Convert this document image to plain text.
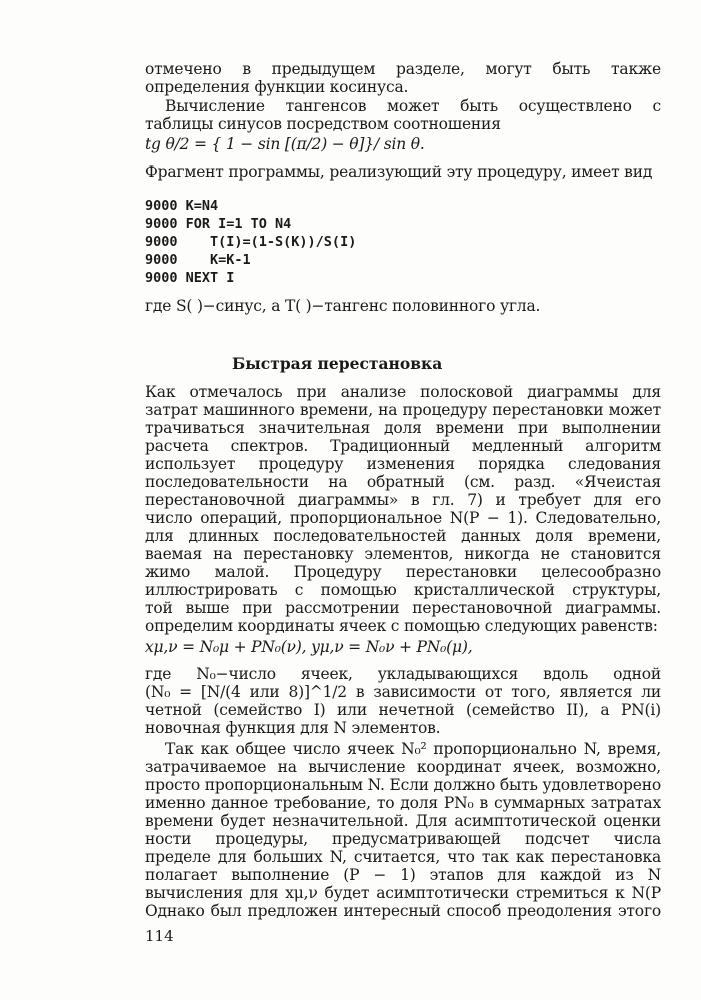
отмечено в предыдущем разделе, могут быть также
определения функции косинуса.
Вычисление тангенсов может быть осуществлено с
таблицы синусов посредством соотношения
tg θ/2 = { 1 − sin [(π/2) − θ]}/ sin θ.
Фрагмент программы, реализующий эту процедуру, имеет вид
9000 K=N4
9000 FOR I=1 TO N4
9000    T(I)=(1-S(K))/S(I)
9000    K=K-1
9000 NEXT I
где S( )−синус, а T( )−тангенс половинного угла.
Быстрая перестановка
Как отмечалось при анализе полосковой диаграммы для
затрат машинного времени, на процедуру перестановки может
трачиваться значительная доля времени при выполнении
расчета спектров. Традиционный медленный алгоритм
использует процедуру изменения порядка следования
последовательности на обратный (см. разд. «Ячеистая
перестановочной диаграммы» в гл. 7) и требует для его
число операций, пропорциональное N(P − 1). Следовательно,
для длинных последовательностей данных доля времени,
ваемая на перестановку элементов, никогда не становится
жимо малой. Процедуру перестановки целесообразно
иллюстрировать с помощью кристаллической структуры,
той выше при рассмотрении перестановочной диаграммы.
определим координаты ячеек с помощью следующих равенств:
xμ,ν = N₀μ + PN₀(ν), yμ,ν = N₀ν + PN₀(μ),
где N₀−число ячеек, укладывающихся вдоль одной
(N₀ = [N/(4 или 8)]^1/2 в зависимости от того, является ли
четной (семейство I) или нечетной (семейство II), а PN(i)
новочная функция для N элементов.
Так как общее число ячеек N₀² пропорционально N, время,
затрачиваемое на вычисление координат ячеек, возможно,
просто пропорциональным N. Если должно быть удовлетворено
именно данное требование, то доля PN₀ в суммарных затратах
времени будет незначительной. Для асимптотической оценки
ности процедуры, предусматривающей подсчет числа
пределе для больших N, считается, что так как перестановка
полагает выполнение (P − 1) этапов для каждой из N
вычисления для xμ,ν будет асимптотически стремиться к N(P
Однако был предложен интересный способ преодоления этого
114
